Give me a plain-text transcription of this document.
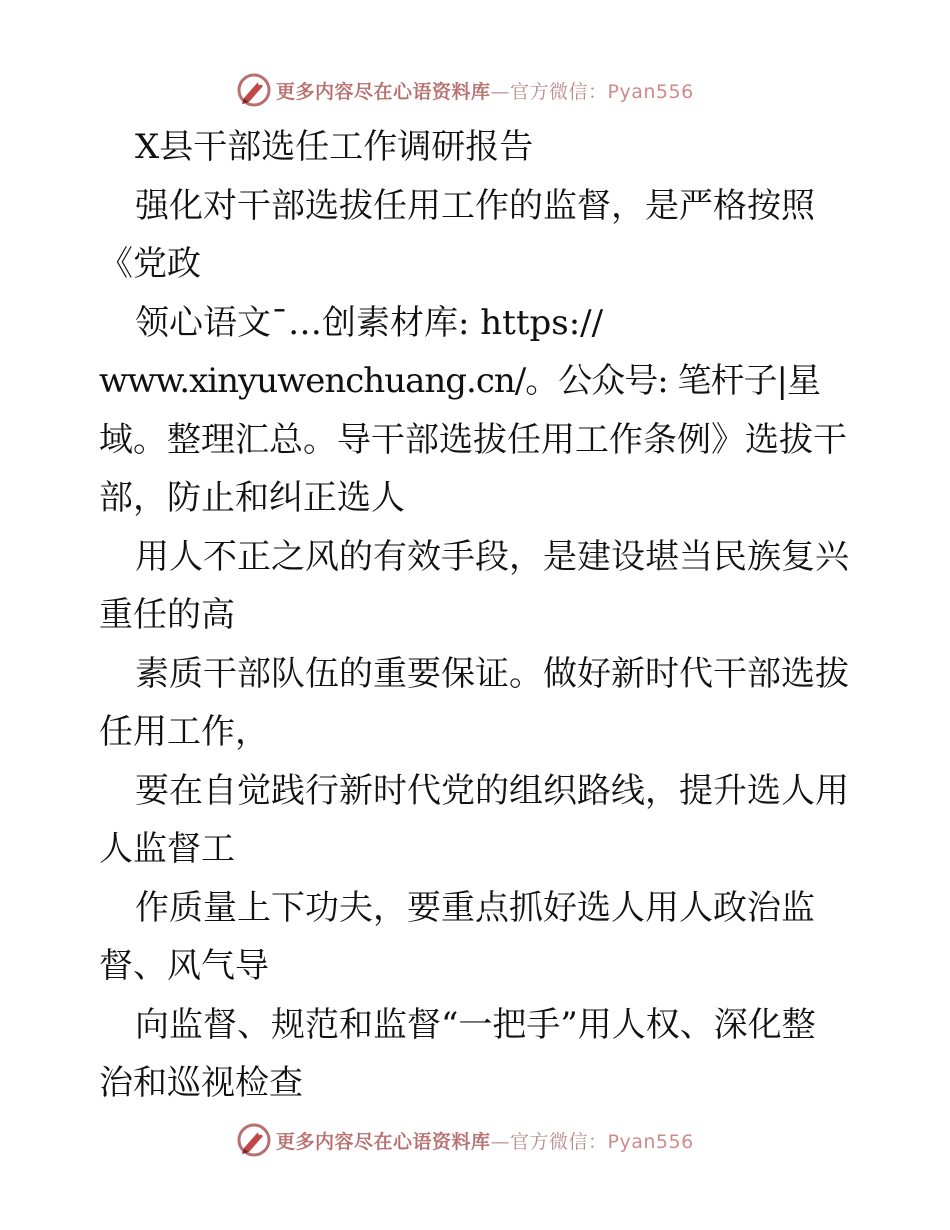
更多内容尽在心语资料库—官方微信：Pyan556
X县干部选任工作调研报告
强化对干部选拔任用工作的监督，是严格按照
《党政
领心语文¯…创素材库: https://
www.xinyuwenchuang.cn/。公众号: 笔杆子|星
域。整理汇总。导干部选拔任用工作条例》选拔干
部，防止和纠正选人
用人不正之风的有效手段，是建设堪当民族复兴
重任的高
素质干部队伍的重要保证。做好新时代干部选拔
任用工作，
要在自觉践行新时代党的组织路线，提升选人用
人监督工
作质量上下功夫，要重点抓好选人用人政治监
督、风气导
向监督、规范和监督“一把手”用人权、深化整
治和巡视检查
更多内容尽在心语资料库—官方微信：Pyan556
